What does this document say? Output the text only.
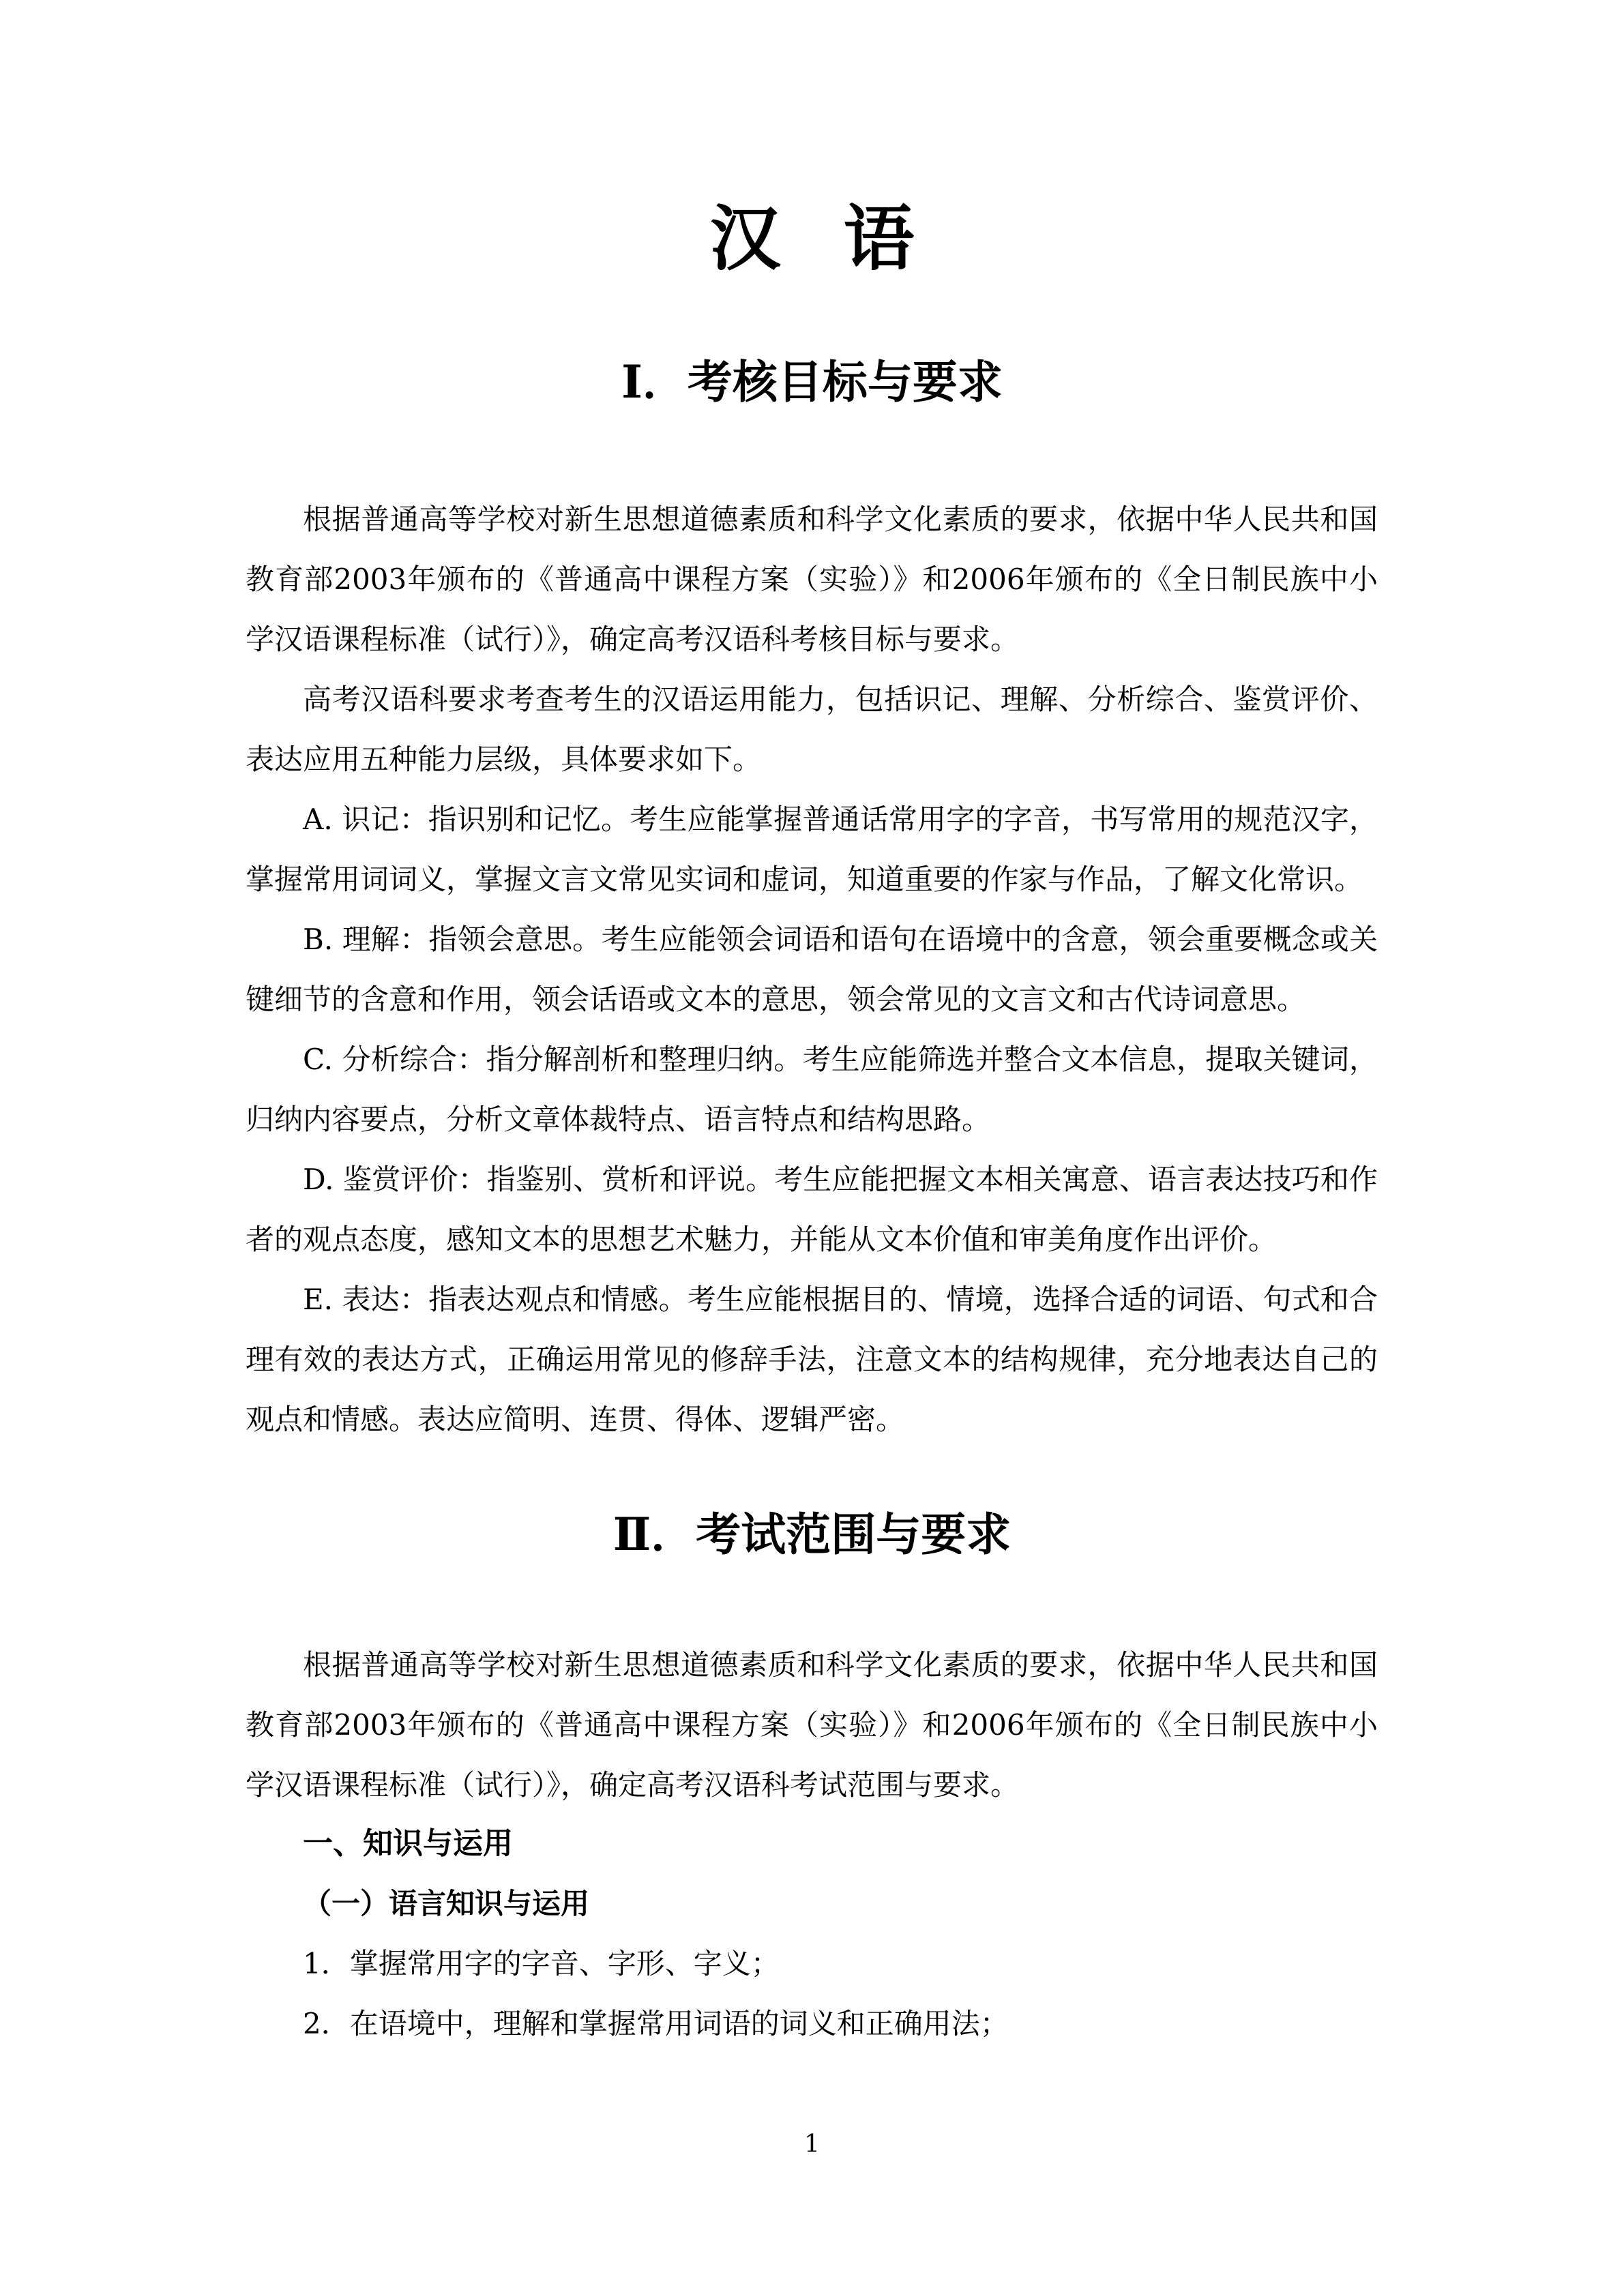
汉语
Ⅰ．考核目标与要求

根据普通高等学校对新生思想道德素质和科学文化素质的要求，依据中华人民共和国教育部2003年颁布的《普通高中课程方案（实验）》和2006年颁布的《全日制民族中小学汉语课程标准（试行）》，确定高考汉语科考核目标与要求。

高考汉语科要求考查考生的汉语运用能力，包括识记、理解、分析综合、鉴赏评价、表达应用五种能力层级，具体要求如下。

A. 识记：指识别和记忆。考生应能掌握普通话常用字的字音，书写常用的规范汉字，掌握常用词词义，掌握文言文常见实词和虚词，知道重要的作家与作品，了解文化常识。

B. 理解：指领会意思。考生应能领会词语和语句在语境中的含意，领会重要概念或关键细节的含意和作用，领会话语或文本的意思，领会常见的文言文和古代诗词意思。

C. 分析综合：指分解剖析和整理归纳。考生应能筛选并整合文本信息，提取关键词，归纳内容要点，分析文章体裁特点、语言特点和结构思路。

D. 鉴赏评价：指鉴别、赏析和评说。考生应能把握文本相关寓意、语言表达技巧和作者的观点态度，感知文本的思想艺术魅力，并能从文本价值和审美角度作出评价。

E. 表达：指表达观点和情感。考生应能根据目的、情境，选择合适的词语、句式和合理有效的表达方式，正确运用常见的修辞手法，注意文本的结构规律，充分地表达自己的观点和情感。表达应简明、连贯、得体、逻辑严密。

Ⅱ．考试范围与要求

根据普通高等学校对新生思想道德素质和科学文化素质的要求，依据中华人民共和国教育部2003年颁布的《普通高中课程方案（实验）》和2006年颁布的《全日制民族中小学汉语课程标准（试行）》，确定高考汉语科考试范围与要求。

一、知识与运用
（一）语言知识与运用

1．掌握常用字的字音、字形、字义；

2．在语境中，理解和掌握常用词语的词义和正确用法；

1
